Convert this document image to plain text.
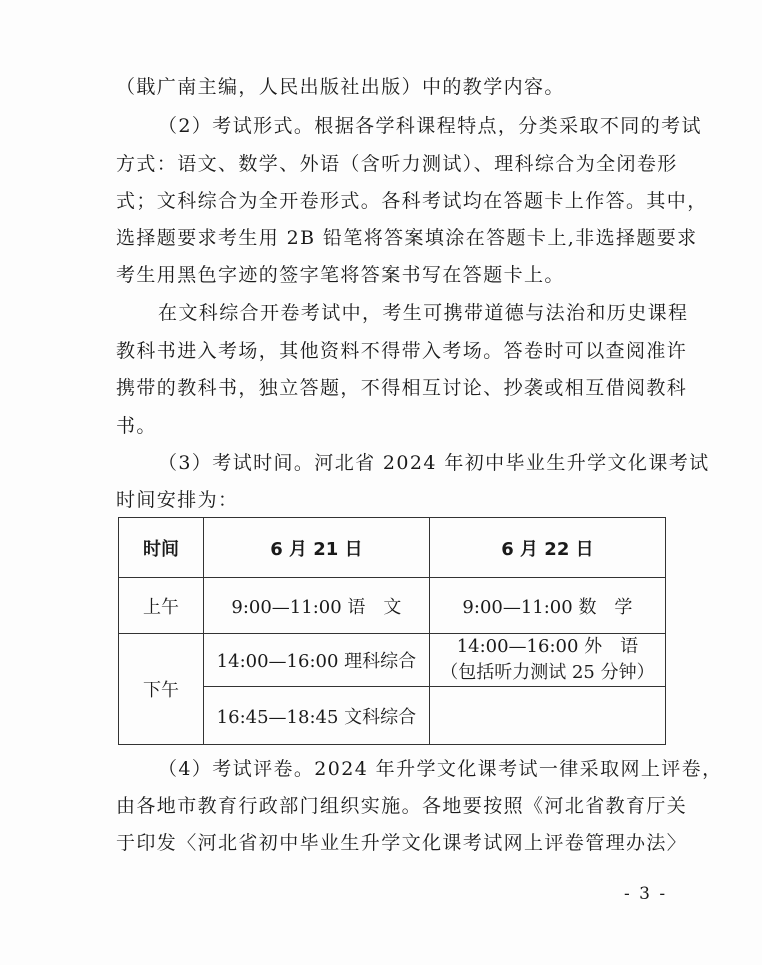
（戢广南主编，人民出版社出版）中的教学内容。
（2）考试形式。根据各学科课程特点，分类采取不同的考试
方式：语文、数学、外语（含听力测试）、理科综合为全闭卷形
式；文科综合为全开卷形式。各科考试均在答题卡上作答。其中，
选择题要求考生用 2B 铅笔将答案填涂在答题卡上,非选择题要求
考生用黑色字迹的签字笔将答案书写在答题卡上。
在文科综合开卷考试中，考生可携带道德与法治和历史课程
教科书进入考场，其他资料不得带入考场。答卷时可以查阅准许
携带的教科书，独立答题，不得相互讨论、抄袭或相互借阅教科
书。
（3）考试时间。河北省 2024 年初中毕业生升学文化课考试
时间安排为：
时间	6 月 21 日	6 月 22 日
上午	9:00—11:00 语　文	9:00—11:00 数　学
下午	14:00—16:00 理科综合	14:00—16:00 外　语
（包括听力测试 25 分钟）

	16:45—18:45 文科综合	
（4）考试评卷。2024 年升学文化课考试一律采取网上评卷，
由各地市教育行政部门组织实施。各地要按照《河北省教育厅关
于印发〈河北省初中毕业生升学文化课考试网上评卷管理办法〉
- 3 -
